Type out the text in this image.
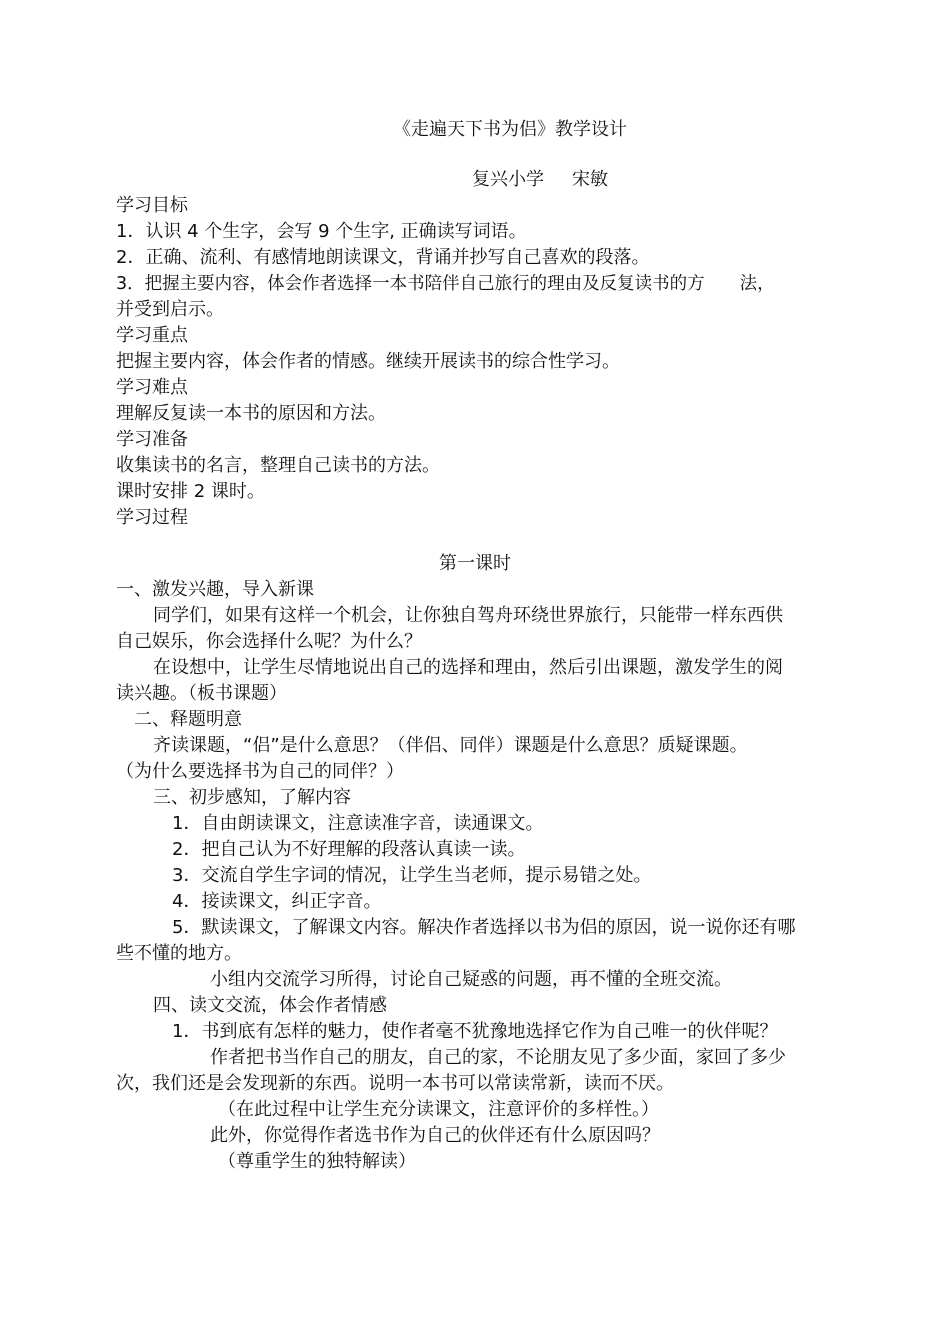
《走遍天下书为侣》教学设计
复兴小学 宋敏
学习目标
1．认识 4 个生字，会写 9 个生字, 正确读写词语。
2．正确、流利、有感情地朗读课文，背诵并抄写自己喜欢的段落。
3．把握主要内容，体会作者选择一本书陪伴自己旅行的理由及反复读书的方　　法，
并受到启示。
学习重点
把握主要内容，体会作者的情感。继续开展读书的综合性学习。
学习难点
理解反复读一本书的原因和方法。
学习准备
收集读书的名言，整理自己读书的方法。
课时安排 2 课时。
学习过程
第一课时
一、激发兴趣，导入新课
同学们，如果有这样一个机会，让你独自驾舟环绕世界旅行，只能带一样东西供
自己娱乐，你会选择什么呢？为什么？
在设想中，让学生尽情地说出自己的选择和理由，然后引出课题，激发学生的阅
读兴趣。（板书课题）
二、释题明意
齐读课题，“侣”是什么意思？（伴侣、同伴）课题是什么意思？质疑课题。
（为什么要选择书为自己的同伴？）
三、初步感知，了解内容
1．自由朗读课文，注意读准字音，读通课文。
2．把自己认为不好理解的段落认真读一读。
3．交流自学生字词的情况，让学生当老师，提示易错之处。
4．接读课文，纠正字音。
5．默读课文，了解课文内容。解决作者选择以书为侣的原因，说一说你还有哪
些不懂的地方。
小组内交流学习所得，讨论自己疑惑的问题，再不懂的全班交流。
四、读文交流，体会作者情感
1．书到底有怎样的魅力，使作者毫不犹豫地选择它作为自己唯一的伙伴呢？
作者把书当作自己的朋友，自己的家，不论朋友见了多少面，家回了多少
次，我们还是会发现新的东西。说明一本书可以常读常新，读而不厌。
（在此过程中让学生充分读课文，注意评价的多样性。）
此外，你觉得作者选书作为自己的伙伴还有什么原因吗？
（尊重学生的独特解读）
